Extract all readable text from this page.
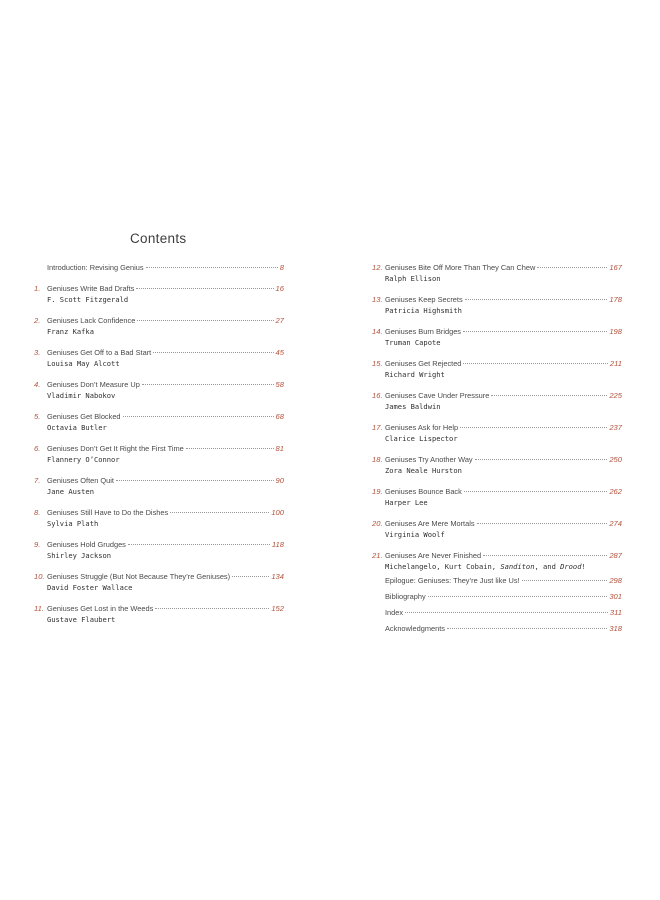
Contents
Introduction: Revising Genius	8
1. Geniuses Write Bad Drafts	16
F. Scott Fitzgerald
2. Geniuses Lack Confidence	27
Franz Kafka
3. Geniuses Get Off to a Bad Start	45
Louisa May Alcott
4. Geniuses Don’t Measure Up	58
Vladimir Nabokov
5. Geniuses Get Blocked	68
Octavia Butler
6. Geniuses Don’t Get It Right the First Time	81
Flannery O’Connor
7. Geniuses Often Quit	90
Jane Austen
8. Geniuses Still Have to Do the Dishes	100
Sylvia Plath
9. Geniuses Hold Grudges	118
Shirley Jackson
10. Geniuses Struggle (But Not Because They’re Geniuses)	134
David Foster Wallace
11. Geniuses Get Lost in the Weeds	152
Gustave Flaubert
12. Geniuses Bite Off More Than They Can Chew	167
Ralph Ellison
13. Geniuses Keep Secrets	178
Patricia Highsmith
14. Geniuses Burn Bridges	198
Truman Capote
15. Geniuses Get Rejected	211
Richard Wright
16. Geniuses Cave Under Pressure	225
James Baldwin
17. Geniuses Ask for Help	237
Clarice Lispector
18. Geniuses Try Another Way	250
Zora Neale Hurston
19. Geniuses Bounce Back	262
Harper Lee
20. Geniuses Are Mere Mortals	274
Virginia Woolf
21. Geniuses Are Never Finished	287
Michelangelo, Kurt Cobain, Sanditon, and Drood!
Epilogue: Geniuses: They’re Just like Us!	298
Bibliography	301
Index	311
Acknowledgments	318
